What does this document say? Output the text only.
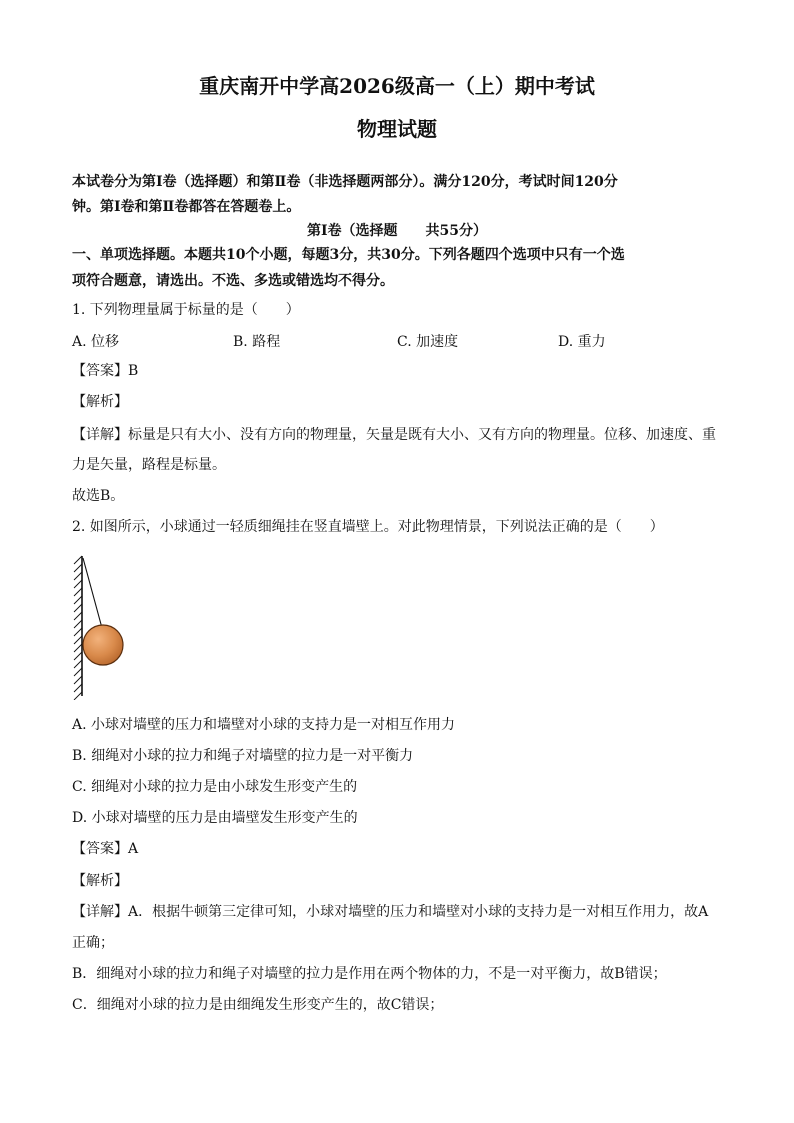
重庆南开中学高2026级高一（上）期中考试
物理试题
本试卷分为第Ⅰ卷（选择题）和第Ⅱ卷（非选择题两部分）。满分120分，考试时间120分
钟。第Ⅰ卷和第Ⅱ卷都答在答题卷上。
第Ⅰ卷（选择题　　共55分）
一、单项选择题。本题共10个小题，每题3分，共30分。下列各题四个选项中只有一个选
项符合题意，请选出。不选、多选或错选均不得分。
1. 下列物理量属于标量的是（　　）
A. 位移	B. 路程	C. 加速度	D. 重力
【答案】B
【解析】
【详解】标量是只有大小、没有方向的物理量，矢量是既有大小、又有方向的物理量。位移、加速度、重
力是矢量，路程是标量。
故选B。
2. 如图所示，小球通过一轻质细绳挂在竖直墙壁上。对此物理情景，下列说法正确的是（　　）
A. 小球对墙壁的压力和墙壁对小球的支持力是一对相互作用力
B. 细绳对小球的拉力和绳子对墙壁的拉力是一对平衡力
C. 细绳对小球的拉力是由小球发生形变产生的
D. 小球对墙壁的压力是由墙壁发生形变产生的
【答案】A
【解析】
【详解】A．根据牛顿第三定律可知，小球对墙壁的压力和墙壁对小球的支持力是一对相互作用力，故A
正确；
B．细绳对小球的拉力和绳子对墙壁的拉力是作用在两个物体的力，不是一对平衡力，故B错误；
C．细绳对小球的拉力是由细绳发生形变产生的，故C错误；
